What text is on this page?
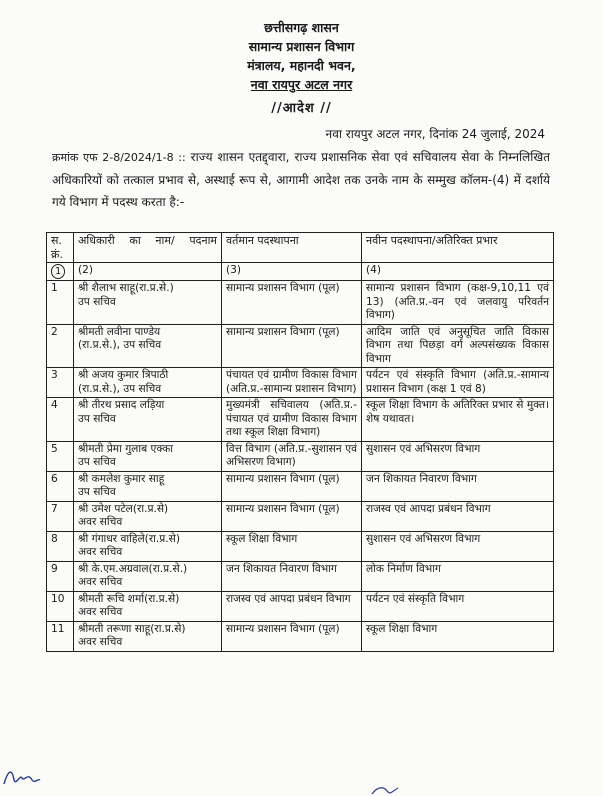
छत्तीसगढ़ शासन
सामान्य प्रशासन विभाग
मंत्रालय, महानदी भवन,
नवा रायपुर अटल नगर
//आदेश //
नवा रायपुर अटल नगर, दिनांक 24 जुलाई, 2024
क्रमांक एफ 2-8/2024/1-8 :: राज्य शासन एतद्द्वारा, राज्य प्रशासनिक सेवा एवं सचिवालय सेवा के निम्नलिखित अधिकारियों को तत्काल प्रभाव से, अस्थाई रूप से, आगामी आदेश तक उनके नाम के सम्मुख कॉलम-(4) में दर्शाये गये विभाग में पदस्थ करता है:-
स. क्रं.	अधिकारी का नाम/ पदनाम	वर्तमान पदस्थापना	नवीन पदस्थापना/अतिरिक्त प्रभार
1	(2)	(3)	(4)
1	श्री शैलाभ साहू(रा.प्र.से.)
उप सचिव	सामान्य प्रशासन विभाग (पूल)	सामान्य प्रशासन विभाग (कक्ष-9,10,11 एवं 13) (अति.प्र.-वन एवं जलवायु परिवर्तन विभाग)
2	श्रीमती लवीना पाण्डेय
(रा.प्र.से.), उप सचिव	सामान्य प्रशासन विभाग (पूल)	आदिम जाति एवं अनुसूचित जाति विकास विभाग तथा पिछड़ा वर्ग अल्पसंख्यक विकास विभाग
3	श्री अजय कुमार त्रिपाठी
(रा.प्र.से.), उप सचिव	पंचायत एवं ग्रामीण विकास विभाग (अति.प्र.-सामान्य प्रशासन विभाग)	पर्यटन एवं संस्कृति विभाग (अति.प्र.-सामान्य प्रशासन विभाग (कक्ष 1 एवं 8)
4	श्री तीरथ प्रसाद लड़िया
उप सचिव	मुख्यमंत्री सचिवालय (अति.प्र.-पंचायत एवं ग्रामीण विकास विभाग तथा स्कूल शिक्षा विभाग)	स्कूल शिक्षा विभाग के अतिरिक्त प्रभार से मुक्त। शेष यथावत।
5	श्रीमती प्रेमा गुलाब एक्का
उप सचिव	वित्त विभाग (अति.प्र.-सुशासन एवं अभिसरण विभाग)	सुशासन एवं अभिसरण विभाग
6	श्री कमलेश कुमार साहू
उप सचिव	सामान्य प्रशासन विभाग (पूल)	जन शिकायत निवारण विभाग
7	श्री उमेश पटेल(रा.प्र.से)
अवर सचिव	सामान्य प्रशासन विभाग (पूल)	राजस्व एवं आपदा प्रबंधन विभाग
8	श्री गंगाधर वाहिले(रा.प्र.से)
अवर सचिव	स्कूल शिक्षा विभाग	सुशासन एवं अभिसरण विभाग
9	श्री के.एम.अग्रवाल(रा.प्र.से.)
अवर सचिव	जन शिकायत निवारण विभाग	लोक निर्माण विभाग
10	श्रीमती रूचि शर्मा(रा.प्र.से)
अवर सचिव	राजस्व एवं आपदा प्रबंधन विभाग	पर्यटन एवं संस्कृति विभाग
11	श्रीमती तरूणा साहू(रा.प्र.से)
अवर सचिव	सामान्य प्रशासन विभाग (पूल)	स्कूल शिक्षा विभाग
